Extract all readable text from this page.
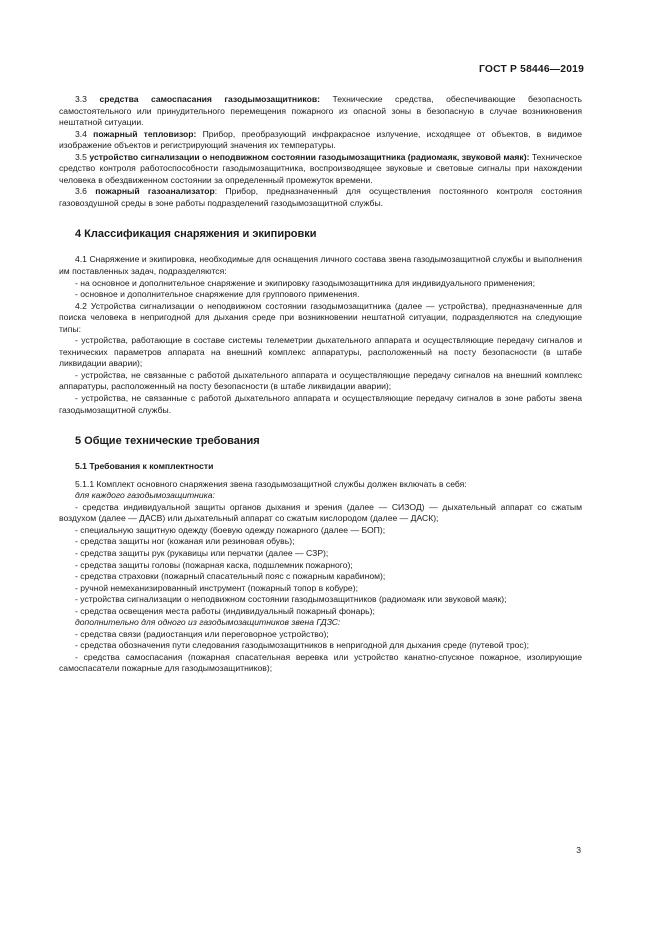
ГОСТ Р 58446—2019

3.3 средства самоспасания газодымозащитников: Технические средства, обеспечивающие безопасность самостоятельного или принудительного перемещения пожарного из опасной зоны в безопасную в случае возникновения нештатной ситуации.

3.4 пожарный тепловизор: Прибор, преобразующий инфракрасное излучение, исходящее от объектов, в видимое изображение объектов и регистрирующий значения их температуры.

3.5 устройство сигнализации о неподвижном состоянии газодымозащитника (радиомаяк, звуковой маяк): Техническое средство контроля работоспособности газодымозащитника, воспроизводящее звуковые и световые сигналы при нахождении человека в обездвиженном состоянии за определенный промежуток времени.

3.6 пожарный газоанализатор: Прибор, предназначенный для осуществления постоянного контроля состояния газовоздушной среды в зоне работы подразделений газодымозащитной службы.

4 Классификация снаряжения и экипировки

4.1 Снаряжение и экипировка, необходимые для оснащения личного состава звена газодымозащитной службы и выполнения им поставленных задач, подразделяются:

- на основное и дополнительное снаряжение и экипировку газодымозащитника для индивидуального применения;

- основное и дополнительное снаряжение для группового применения.

4.2 Устройства сигнализации о неподвижном состоянии газодымозащитника (далее — устройства), предназначенные для поиска человека в непригодной для дыхания среде при возникновении нештатной ситуации, подразделяются на следующие типы:

- устройства, работающие в составе системы телеметрии дыхательного аппарата и осуществляющие передачу сигналов и технических параметров аппарата на внешний комплекс аппаратуры, расположенный на посту безопасности (в штабе ликвидации аварии);

- устройства, не связанные с работой дыхательного аппарата и осуществляющие передачу сигналов на внешний комплекс аппаратуры, расположенный на посту безопасности (в штабе ликвидации аварии);

- устройства, не связанные с работой дыхательного аппарата и осуществляющие передачу сигналов в зоне работы звена газодымозащитной службы.

5 Общие технические требования
5.1 Требования к комплектности

5.1.1 Комплект основного снаряжения звена газодымозащитной службы должен включать в себя:

для каждого газодымозащитника:

- средства индивидуальной защиты органов дыхания и зрения (далее — СИЗОД) — дыхательный аппарат со сжатым воздухом (далее — ДАСВ) или дыхательный аппарат со сжатым кислородом (далее — ДАСК);

- специальную защитную одежду (боевую одежду пожарного (далее — БОП);

- средства защиты ног (кожаная или резиновая обувь);

- средства защиты рук (рукавицы или перчатки (далее — СЗР);

- средства защиты головы (пожарная каска, подшлемник пожарного);

- средства страховки (пожарный спасательный пояс с пожарным карабином);

- ручной немеханизированный инструмент (пожарный топор в кобуре);

- устройства сигнализации о неподвижном состоянии газодымозащитников (радиомаяк или звуковой маяк);

- средства освещения места работы (индивидуальный пожарный фонарь);

дополнительно для одного из газодымозащитников звена ГДЗС:

- средства связи (радиостанция или переговорное устройство);

- средства обозначения пути следования газодымозащитников в непригодной для дыхания среде (путевой трос);

- средства самоспасания (пожарная спасательная веревка или устройство канатно-спускное пожарное, изолирующие самоспасатели пожарные для газодымозащитников);

3
